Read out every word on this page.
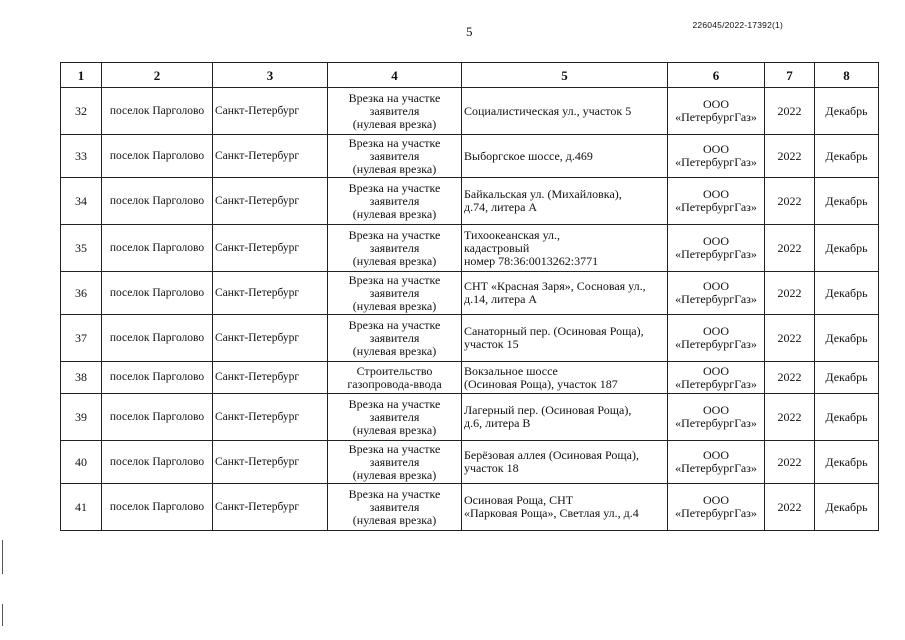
5	226045/2022-17392(1)
1	2	3	4	5	6	7	8
32	поселок Парголово	Санкт-Петербург	Врезка на участке
заявителя
(нулевая врезка)	Социалистическая ул., участок 5	ООО
«ПетербургГаз»	2022	Декабрь
33	поселок Парголово	Санкт-Петербург	Врезка на участке
заявителя
(нулевая врезка)	Выборгское шоссе, д.469	ООО
«ПетербургГаз»	2022	Декабрь
34	поселок Парголово	Санкт-Петербург	Врезка на участке
заявителя
(нулевая врезка)	Байкальская ул. (Михайловка),
д.74, литера А	ООО
«ПетербургГаз»	2022	Декабрь
35	поселок Парголово	Санкт-Петербург	Врезка на участке
заявителя
(нулевая врезка)	Тихоокеанская ул.,
кадастровый
номер 78:36:0013262:3771	ООО
«ПетербургГаз»	2022	Декабрь
36	поселок Парголово	Санкт-Петербург	Врезка на участке
заявителя
(нулевая врезка)	СНТ «Красная Заря», Сосновая ул.,
д.14, литера А	ООО
«ПетербургГаз»	2022	Декабрь
37	поселок Парголово	Санкт-Петербург	Врезка на участке
заявителя
(нулевая врезка)	Санаторный пер. (Осиновая Роща),
участок 15	ООО
«ПетербургГаз»	2022	Декабрь
38	поселок Парголово	Санкт-Петербург	Строительство
газопровода-ввода	Вокзальное шоссе
(Осиновая Роща), участок 187	ООО
«ПетербургГаз»	2022	Декабрь
39	поселок Парголово	Санкт-Петербург	Врезка на участке
заявителя
(нулевая врезка)	Лагерный пер. (Осиновая Роща),
д.6, литера В	ООО
«ПетербургГаз»	2022	Декабрь
40	поселок Парголово	Санкт-Петербург	Врезка на участке
заявителя
(нулевая врезка)	Берёзовая аллея (Осиновая Роща),
участок 18	ООО
«ПетербургГаз»	2022	Декабрь
41	поселок Парголово	Санкт-Петербург	Врезка на участке
заявителя
(нулевая врезка)	Осиновая Роща, СНТ
«Парковая Роща», Светлая ул., д.4	ООО
«ПетербургГаз»	2022	Декабрь
